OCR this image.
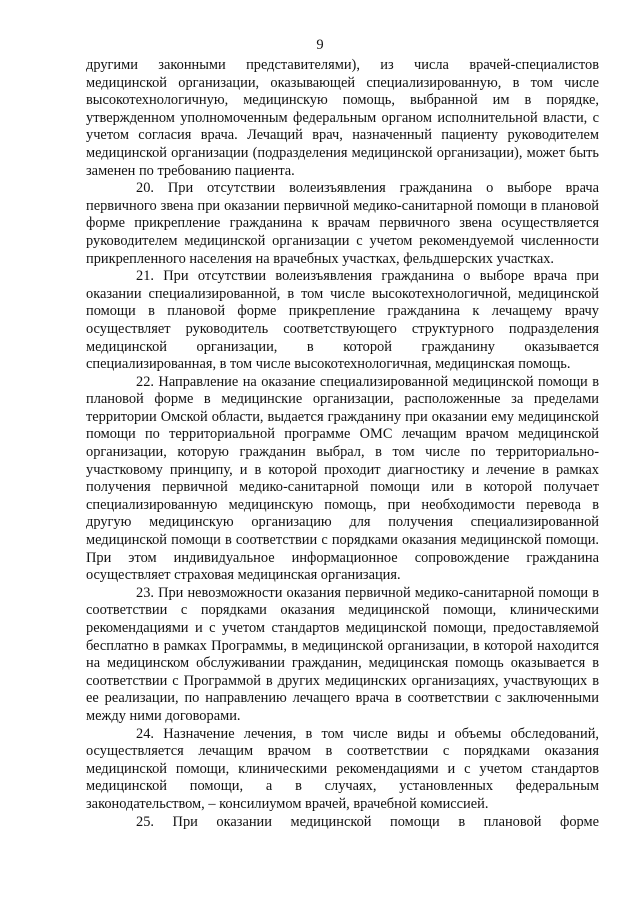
9

другими законными представителями), из числа врачей-специалистов медицинской организации, оказывающей специализированную, в том числе высокотехнологичную, медицинскую помощь, выбранной им в порядке, утвержденном уполномоченным федеральным органом исполнительной власти, с учетом согласия врача. Лечащий врач, назначенный пациенту руководителем медицинской организации (подразделения медицинской организации), может быть заменен по требованию пациента.

20. При отсутствии волеизъявления гражданина о выборе врача первичного звена при оказании первичной медико-санитарной помощи в плановой форме прикрепление гражданина к врачам первичного звена осуществляется руководителем медицинской организации с учетом рекомендуемой численности прикрепленного населения на врачебных участках, фельдшерских участках.

21. При отсутствии волеизъявления гражданина о выборе врача при оказании специализированной, в том числе высокотехнологичной, медицинской помощи в плановой форме прикрепление гражданина к лечащему врачу осуществляет руководитель соответствующего структурного подразделения медицинской организации, в которой гражданину оказывается специализированная, в том числе высокотехнологичная, медицинская помощь.

22. Направление на оказание специализированной медицинской помощи в плановой форме в медицинские организации, расположенные за пределами территории Омской области, выдается гражданину при оказании ему медицинской помощи по территориальной программе ОМС лечащим врачом медицинской организации, которую гражданин выбрал, в том числе по территориально-участковому принципу, и в которой проходит диагностику и лечение в рамках получения первичной медико-санитарной помощи или в которой получает специализированную медицинскую помощь, при необходимости перевода в другую медицинскую организацию для получения специализированной медицинской помощи в соответствии с порядками оказания медицинской помощи. При этом индивидуальное информационное сопровождение гражданина осуществляет страховая медицинская организация.

23. При невозможности оказания первичной медико-санитарной помощи в соответствии с порядками оказания медицинской помощи, клиническими рекомендациями и с учетом стандартов медицинской помощи, предоставляемой бесплатно в рамках Программы, в медицинской организации, в которой находится на медицинском обслуживании гражданин, медицинская помощь оказывается в соответствии с Программой в других медицинских организациях, участвующих в ее реализации, по направлению лечащего врача в соответствии с заключенными между ними договорами.

24. Назначение лечения, в том числе виды и объемы обследований, осуществляется лечащим врачом в соответствии с порядками оказания медицинской помощи, клиническими рекомендациями и с учетом стандартов медицинской помощи, а в случаях, установленных федеральным законодательством, – консилиумом врачей, врачебной комиссией.

25. При оказании медицинской помощи в плановой форме
